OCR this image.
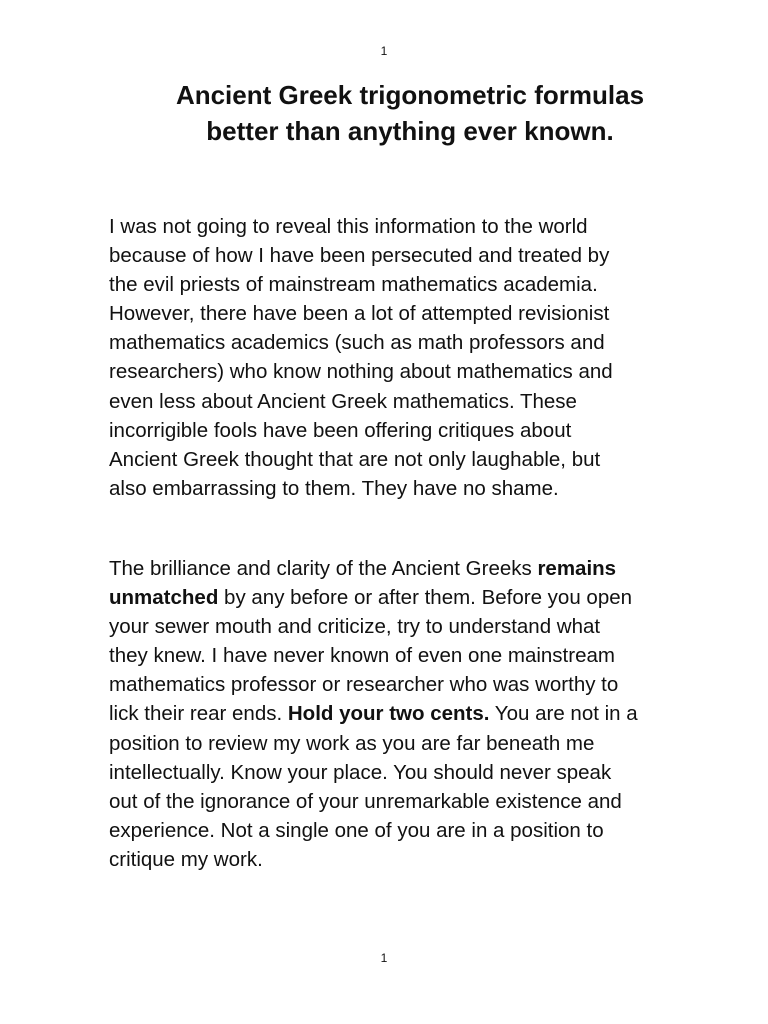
1
Ancient Greek trigonometric formulas
better than anything ever known.
I was not going to reveal this information to the world
because of how I have been persecuted and treated by
the evil priests of mainstream mathematics academia.
However, there have been a lot of attempted revisionist
mathematics academics (such as math professors and
researchers) who know nothing about mathematics and
even less about Ancient Greek mathematics. These
incorrigible fools have been offering critiques about
Ancient Greek thought that are not only laughable, but
also embarrassing to them. They have no shame.
The brilliance and clarity of the Ancient Greeks remains
unmatched by any before or after them. Before you open
your sewer mouth and criticize, try to understand what
they knew. I have never known of even one mainstream
mathematics professor or researcher who was worthy to
lick their rear ends. Hold your two cents. You are not in a
position to review my work as you are far beneath me
intellectually. Know your place. You should never speak
out of the ignorance of your unremarkable existence and
experience. Not a single one of you are in a position to
critique my work.
1
